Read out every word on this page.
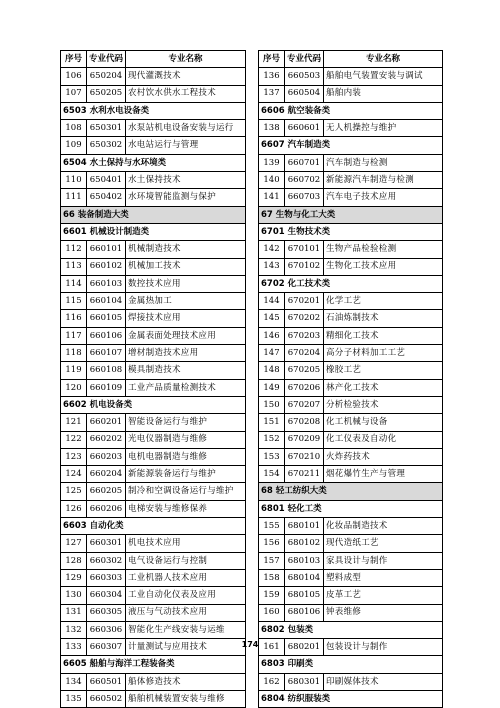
序号	专业代码	专业名称
106	650204	现代灌溉技术
107	650205	农村饮水供水工程技术
6503 水利水电设备类		
108	650301	水泵站机电设备安装与运行
109	650302	水电站运行与管理
6504 水土保持与水环境类		
110	650401	水土保持技术
111	650402	水环境智能监测与保护
66 装备制造大类		
6601 机械设计制造类		
112	660101	机械制造技术
113	660102	机械加工技术
114	660103	数控技术应用
115	660104	金属热加工
116	660105	焊接技术应用
117	660106	金属表面处理技术应用
118	660107	增材制造技术应用
119	660108	模具制造技术
120	660109	工业产品质量检测技术
6602 机电设备类		
121	660201	智能设备运行与维护
122	660202	光电仪器制造与维修
123	660203	电机电器制造与维修
124	660204	新能源装备运行与维护
125	660205	制冷和空调设备运行与维护
126	660206	电梯安装与维修保养
6603 自动化类		
127	660301	机电技术应用
128	660302	电气设备运行与控制
129	660303	工业机器人技术应用
130	660304	工业自动化仪表及应用
131	660305	液压与气动技术应用
132	660306	智能化生产线安装与运维
133	660307	计量测试与应用技术
6605 船舶与海洋工程装备类		
134	660501	船体修造技术
135	660502	船舶机械装置安装与维修
序号	专业代码	专业名称
136	660503	船舶电气装置安装与调试
137	660504	船舶内装
6606 航空装备类		
138	660601	无人机操控与维护
6607 汽车制造类		
139	660701	汽车制造与检测
140	660702	新能源汽车制造与检测
141	660703	汽车电子技术应用
67 生物与化工大类		
6701 生物技术类		
142	670101	生物产品检验检测
143	670102	生物化工技术应用
6702 化工技术类		
144	670201	化学工艺
145	670202	石油炼制技术
146	670203	精细化工技术
147	670204	高分子材料加工工艺
148	670205	橡胶工艺
149	670206	林产化工技术
150	670207	分析检验技术
151	670208	化工机械与设备
152	670209	化工仪表及自动化
153	670210	火炸药技术
154	670211	烟花爆竹生产与管理
68 轻工纺织大类		
6801 轻化工类		
155	680101	化妆品制造技术
156	680102	现代造纸工艺
157	680103	家具设计与制作
158	680104	塑料成型
159	680105	皮革工艺
160	680106	钟表维修
6802 包装类		
161	680201	包装设计与制作
6803 印刷类		
162	680301	印刷媒体技术
6804 纺织服装类		
174
